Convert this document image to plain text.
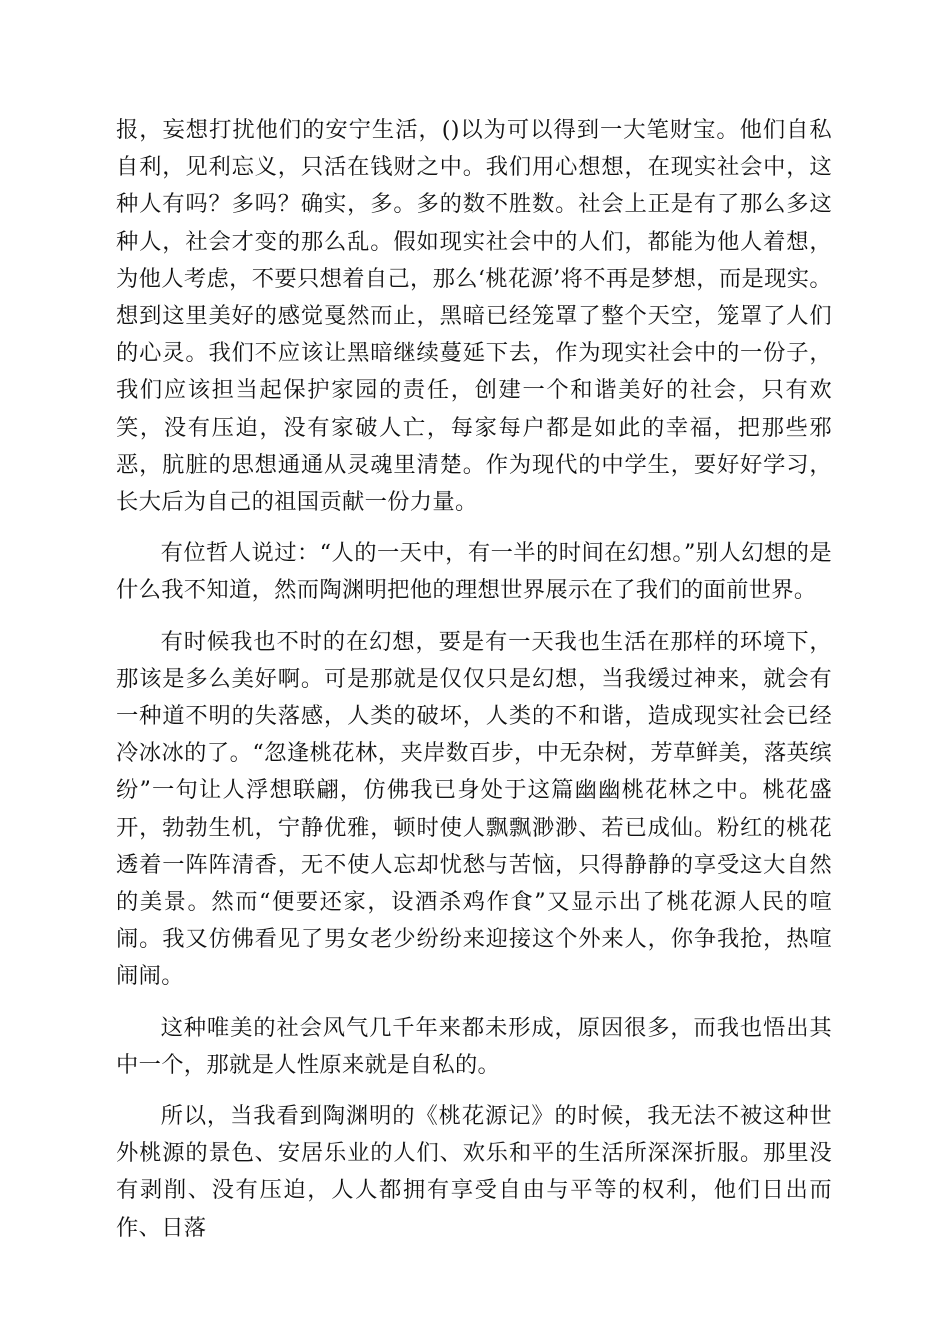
报，妄想打扰他们的安宁生活，()以为可以得到一大笔财宝。他们自私自利，见利忘义，只活在钱财之中。我们用心想想，在现实社会中，这种人有吗？多吗？确实，多。多的数不胜数。社会上正是有了那么多这种人，社会才变的那么乱。假如现实社会中的人们，都能为他人着想，为他人考虑，不要只想着自己，那么‘桃花源’将不再是梦想，而是现实。想到这里美好的感觉戛然而止，黑暗已经笼罩了整个天空，笼罩了人们的心灵。我们不应该让黑暗继续蔓延下去，作为现实社会中的一份子，我们应该担当起保护家园的责任，创建一个和谐美好的社会，只有欢笑，没有压迫，没有家破人亡，每家每户都是如此的幸福，把那些邪恶，肮脏的思想通通从灵魂里清楚。作为现代的中学生，要好好学习，长大后为自己的祖国贡献一份力量。

有位哲人说过：“人的一天中，有一半的时间在幻想。”别人幻想的是什么我不知道，然而陶渊明把他的理想世界展示在了我们的面前世界。

有时候我也不时的在幻想，要是有一天我也生活在那样的环境下，那该是多么美好啊。可是那就是仅仅只是幻想，当我缓过神来，就会有一种道不明的失落感，人类的破坏，人类的不和谐，造成现实社会已经冷冰冰的了。“忽逢桃花林，夹岸数百步，中无杂树，芳草鲜美，落英缤纷”一句让人浮想联翩，仿佛我已身处于这篇幽幽桃花林之中。桃花盛开，勃勃生机，宁静优雅，顿时使人飘飘渺渺、若已成仙。粉红的桃花透着一阵阵清香，无不使人忘却忧愁与苦恼，只得静静的享受这大自然的美景。然而“便要还家，设酒杀鸡作食”又显示出了桃花源人民的喧闹。我又仿佛看见了男女老少纷纷来迎接这个外来人，你争我抢，热喧闹闹。

这种唯美的社会风气几千年来都未形成，原因很多，而我也悟出其中一个，那就是人性原来就是自私的。

所以，当我看到陶渊明的《桃花源记》的时候，我无法不被这种世外桃源的景色、安居乐业的人们、欢乐和平的生活所深深折服。那里没有剥削、没有压迫，人人都拥有享受自由与平等的权利，他们日出而作、日落
